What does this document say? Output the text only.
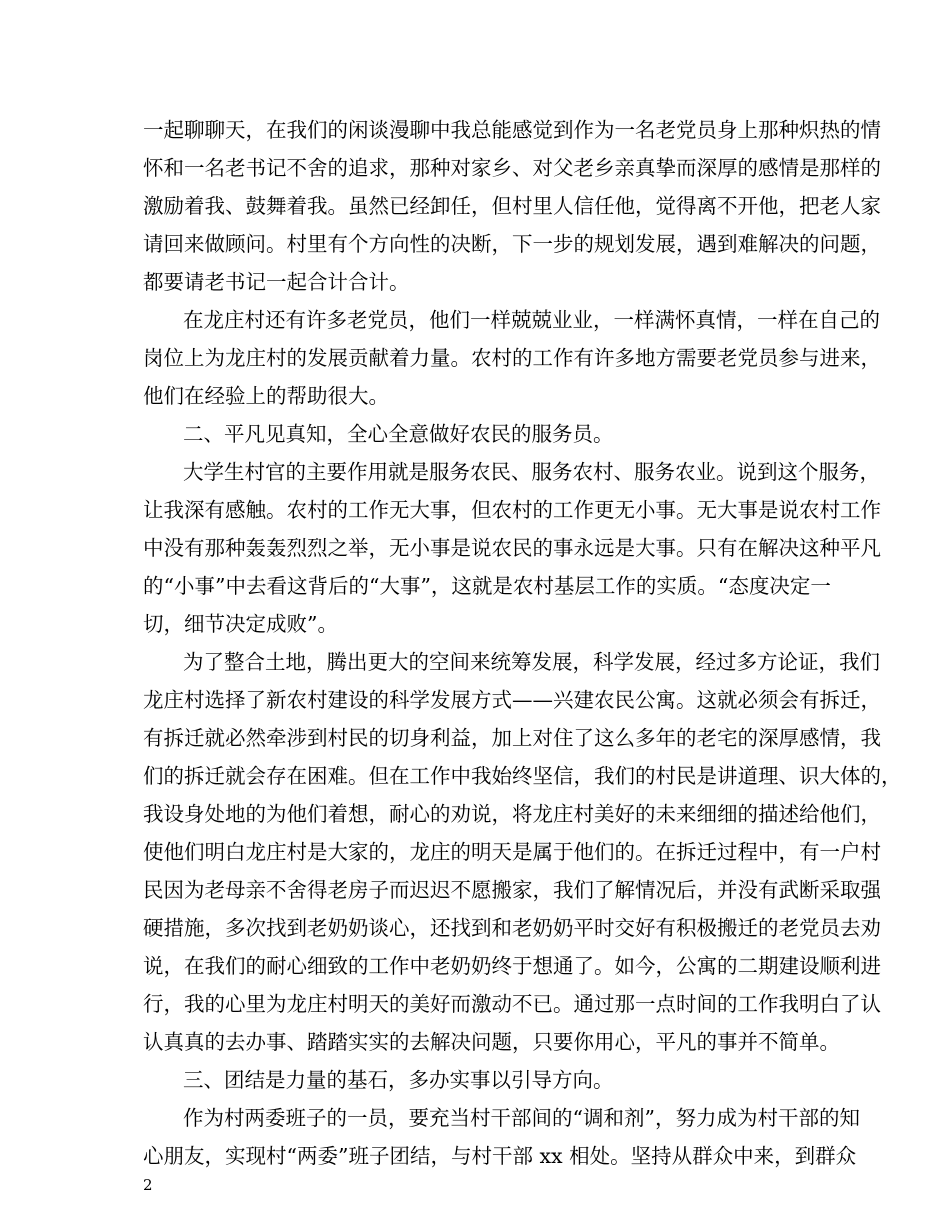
一起聊聊天，在我们的闲谈漫聊中我总能感觉到作为一名老党员身上那种炽热的情
怀和一名老书记不舍的追求，那种对家乡、对父老乡亲真挚而深厚的感情是那样的
激励着我、鼓舞着我。虽然已经卸任，但村里人信任他，觉得离不开他，把老人家
请回来做顾问。村里有个方向性的决断，下一步的规划发展，遇到难解决的问题，
都要请老书记一起合计合计。
在龙庄村还有许多老党员，他们一样兢兢业业，一样满怀真情，一样在自己的
岗位上为龙庄村的发展贡献着力量。农村的工作有许多地方需要老党员参与进来，
他们在经验上的帮助很大。
二、平凡见真知，全心全意做好农民的服务员。
大学生村官的主要作用就是服务农民、服务农村、服务农业。说到这个服务，
让我深有感触。农村的工作无大事，但农村的工作更无小事。无大事是说农村工作
中没有那种轰轰烈烈之举，无小事是说农民的事永远是大事。只有在解决这种平凡
的“小事”中去看这背后的“大事”，这就是农村基层工作的实质。“态度决定一
切，细节决定成败”。
为了整合土地，腾出更大的空间来统筹发展，科学发展，经过多方论证，我们
龙庄村选择了新农村建设的科学发展方式——兴建农民公寓。这就必须会有拆迁，
有拆迁就必然牵涉到村民的切身利益，加上对住了这么多年的老宅的深厚感情，我
们的拆迁就会存在困难。但在工作中我始终坚信，我们的村民是讲道理、识大体的，
我设身处地的为他们着想，耐心的劝说，将龙庄村美好的未来细细的描述给他们，
使他们明白龙庄村是大家的，龙庄的明天是属于他们的。在拆迁过程中，有一户村
民因为老母亲不舍得老房子而迟迟不愿搬家，我们了解情况后，并没有武断采取强
硬措施，多次找到老奶奶谈心，还找到和老奶奶平时交好有积极搬迁的老党员去劝
说，在我们的耐心细致的工作中老奶奶终于想通了。如今，公寓的二期建设顺利进
行，我的心里为龙庄村明天的美好而激动不已。通过那一点时间的工作我明白了认
认真真的去办事、踏踏实实的去解决问题，只要你用心，平凡的事并不简单。
三、团结是力量的基石，多办实事以引导方向。
作为村两委班子的一员，要充当村干部间的“调和剂”，努力成为村干部的知
心朋友，实现村“两委”班子团结，与村干部 xx 相处。坚持从群众中来，到群众
2
